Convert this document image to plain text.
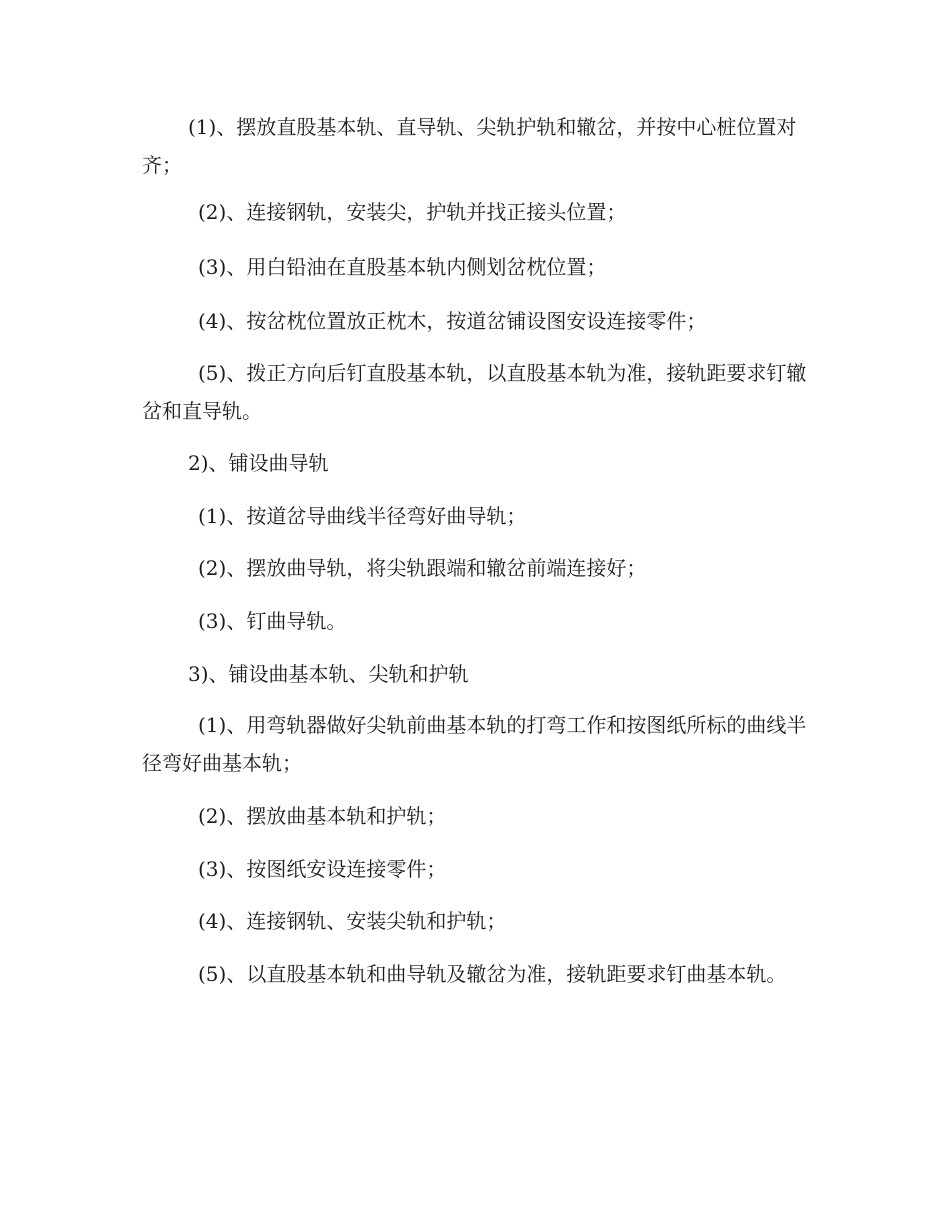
(1)、摆放直股基本轨、直导轨、尖轨护轨和辙岔，并按中心桩位置对齐；

(2)、连接钢轨，安装尖，护轨并找正接头位置；

(3)、用白铅油在直股基本轨内侧划岔枕位置；

(4)、按岔枕位置放正枕木，按道岔铺设图安设连接零件；

(5)、拨正方向后钉直股基本轨，以直股基本轨为准，接轨距要求钉辙岔和直导轨。

2)、铺设曲导轨

(1)、按道岔导曲线半径弯好曲导轨；

(2)、摆放曲导轨，将尖轨跟端和辙岔前端连接好；

(3)、钉曲导轨。

3)、铺设曲基本轨、尖轨和护轨

(1)、用弯轨器做好尖轨前曲基本轨的打弯工作和按图纸所标的曲线半径弯好曲基本轨；

(2)、摆放曲基本轨和护轨；

(3)、按图纸安设连接零件；

(4)、连接钢轨、安装尖轨和护轨；

(5)、以直股基本轨和曲导轨及辙岔为准，接轨距要求钉曲基本轨。
